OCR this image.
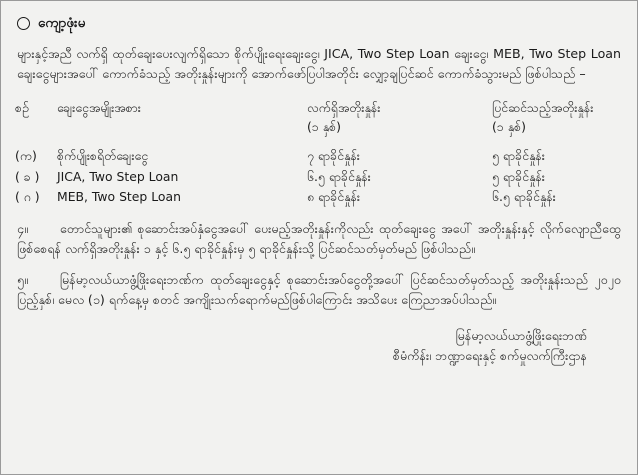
ကျော့ဖုံးမ
များနှင့်အညီ လက်ရှိ ထုတ်ချေးပေးလျက်ရှိသော စိုက်ပျိုးရေးချေးငွေ၊ JICA, Two Step Loan ချေးငွေ၊ MEB, Two Step Loan ချေးငွေများအပေါ် ကောက်ခံသည့် အတိုးနှုန်းများကို အောက်ဖော်ပြပါအတိုင်း လျှော့ချပြင်ဆင် ကောက်ခံသွားမည် ဖြစ်ပါသည် –
စဉ်	ချေးငွေအမျိုးအစား	လက်ရှိအတိုးနှုန်း	ပြင်ဆင်သည့်အတိုးနှုန်း
		(၁ နှစ်)	(၁ နှစ်)
(က)	စိုက်ပျိုးစရိတ်ချေးငွေ	၇ ရာခိုင်နှုန်း	၅ ရာခိုင်နှုန်း
( ခ )	JICA, Two Step Loan	၆.၅ ရာခိုင်နှုန်း	၅ ရာခိုင်နှုန်း
( ဂ )	MEB, Two Step Loan	၈ ရာခိုင်နှုန်း	၆.၅ ရာခိုင်နှုန်း
၄။	တောင်သူများ၏ စုဆောင်းအပ်နှံငွေအပေါ် ပေးမည့်အတိုးနှုန်းကိုလည်း ထုတ်ချေးငွေ အပေါ် အတိုးနှုန်းနှင့် လိုက်လျောညီထွေဖြစ်စေရန် လက်ရှိအတိုးနှုန်း ၁ နှင့် ၆.၅ ရာခိုင်နှုန်းမှ ၅ ရာခိုင်နှုန်းသို့ ပြင်ဆင်သတ်မှတ်မည် ဖြစ်ပါသည်။
၅။	မြန်မာ့လယ်ယာဖွံ့ဖြိုးရေးဘဏ်က ထုတ်ချေးငွေနှင့် စုဆောင်းအပ်ငွေတို့အပေါ် ပြင်ဆင်သတ်မှတ်သည့် အတိုးနှုန်းသည် ၂၀၂၀ ပြည့်နှစ်၊ မေလ (၁) ရက်နေ့မှ စတင် အကျိုးသက်ရောက်မည်ဖြစ်ပါကြောင်း အသိပေး ကြေညာအပ်ပါသည်။
မြန်မာ့လယ်ယာဖွံ့ဖြိုးရေးဘဏ်
စီမံကိန်း၊ ဘဏ္ဍာရေးနှင့် စက်မှုလက်ကြီးဌာန
